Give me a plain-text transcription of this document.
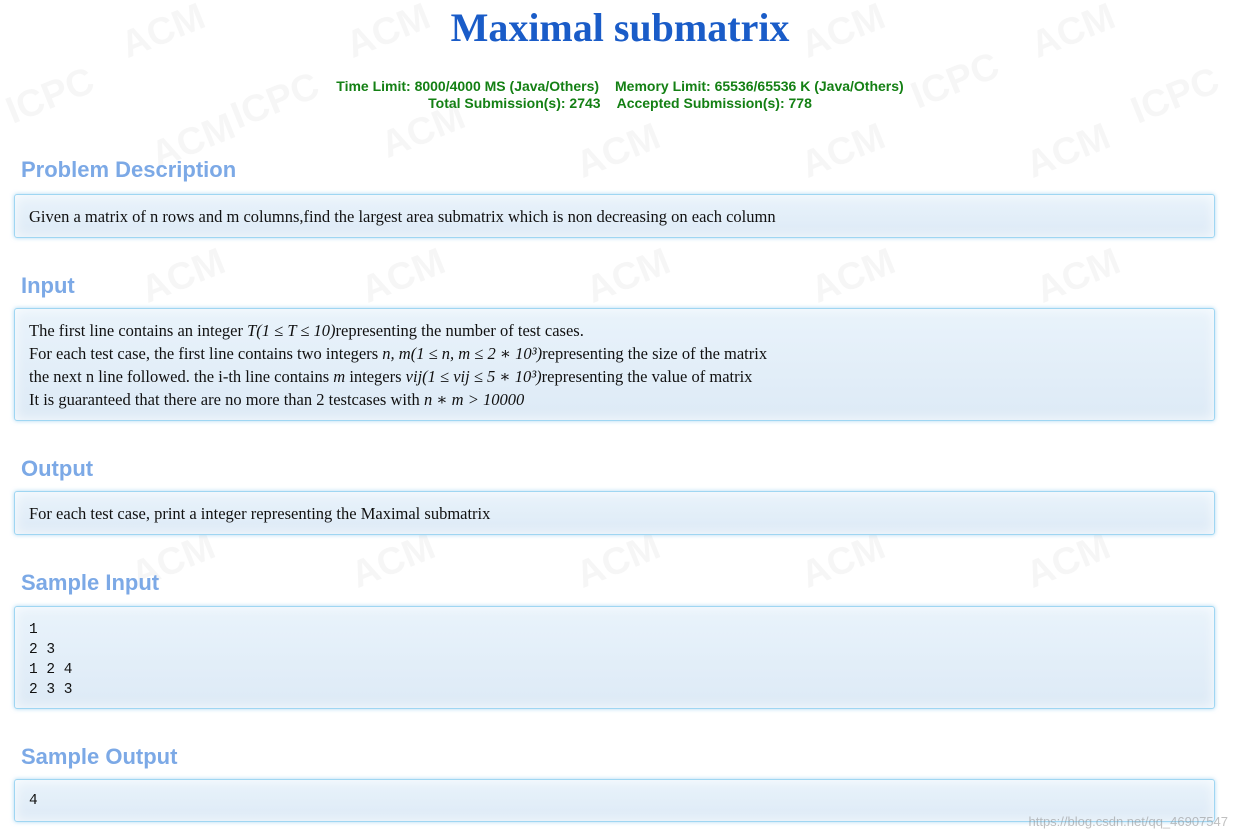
Maximal submatrix
Time Limit: 8000/4000 MS (Java/Others) Memory Limit: 65536/65536 K (Java/Others)
Total Submission(s): 2743 Accepted Submission(s): 778
Problem Description
Given a matrix of n rows and m columns,find the largest area submatrix which is non decreasing on each column
Input
The first line contains an integer T(1 ≤ T ≤ 10)representing the number of test cases.
For each test case, the first line contains two integers n, m(1 ≤ n, m ≤ 2 ∗ 10³)representing the size of the matrix
the next n line followed. the i-th line contains m integers vij(1 ≤ vij ≤ 5 ∗ 10³)representing the value of matrix
It is guaranteed that there are no more than 2 testcases with n ∗ m > 10000
Output
For each test case, print a integer representing the Maximal submatrix
Sample Input
1
2 3
1 2 4
2 3 3
Sample Output
4
https://blog.csdn.net/qq_46907547
